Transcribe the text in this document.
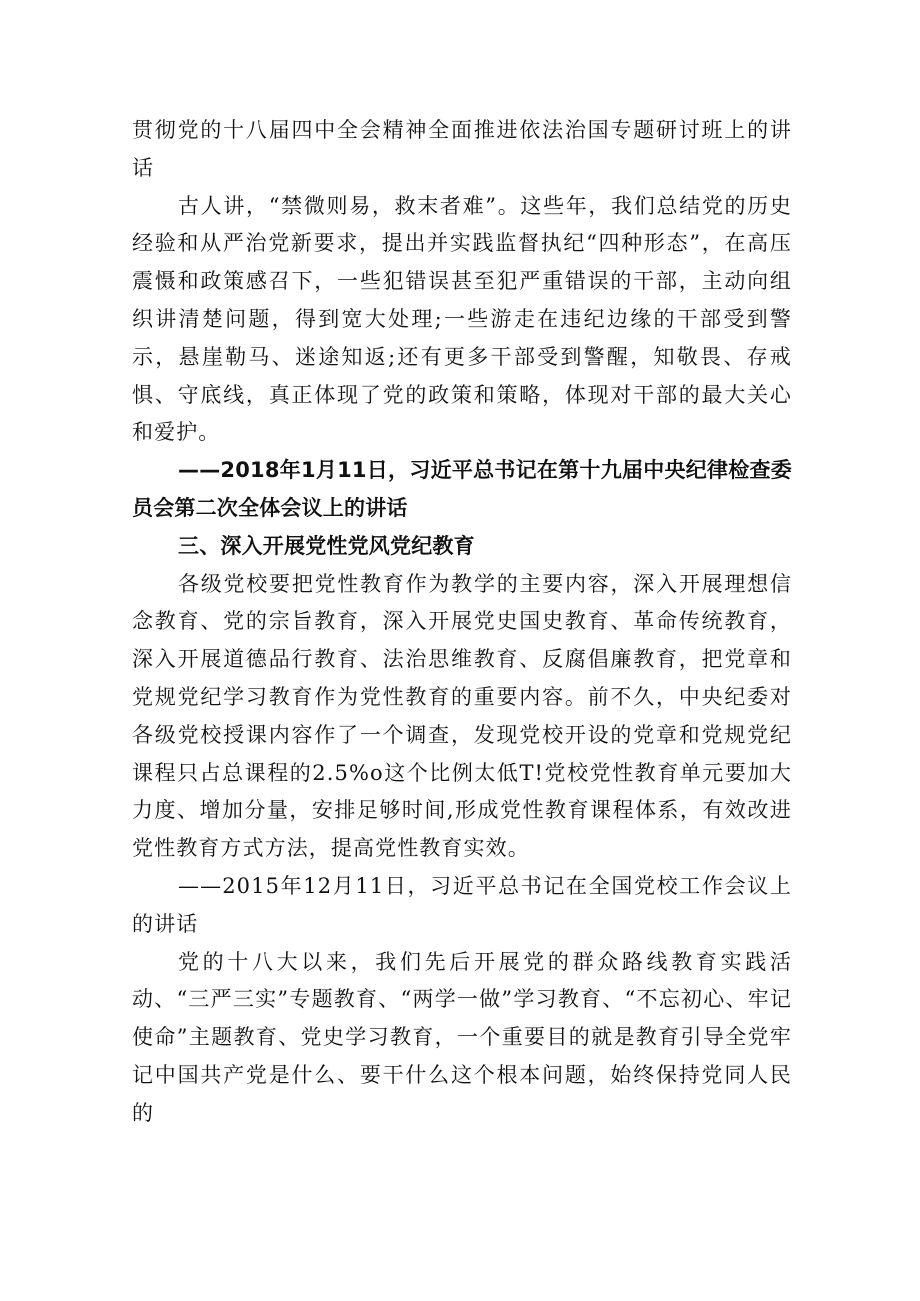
贯彻党的十八届四中全会精神全面推进依法治国专题研讨班上的讲话

古人讲，“禁微则易，救末者难”。这些年，我们总结党的历史经验和从严治党新要求，提出并实践监督执纪“四种形态”，在高压震慑和政策感召下，一些犯错误甚至犯严重错误的干部，主动向组织讲清楚问题，得到宽大处理;一些游走在违纪边缘的干部受到警示，悬崖勒马、迷途知返;还有更多干部受到警醒，知敬畏、存戒惧、守底线，真正体现了党的政策和策略，体现对干部的最大关心和爱护。

——2018年1月11日，习近平总书记在第十九届中央纪律检查委员会第二次全体会议上的讲话

三、深入开展党性党风党纪教育

各级党校要把党性教育作为教学的主要内容，深入开展理想信念教育、党的宗旨教育，深入开展党史国史教育、革命传统教育，深入开展道德品行教育、法治思维教育、反腐倡廉教育，把党章和党规党纪学习教育作为党性教育的重要内容。前不久，中央纪委对各级党校授课内容作了一个调查，发现党校开设的党章和党规党纪课程只占总课程的2.5%o这个比例太低T!党校党性教育单元要加大力度、增加分量，安排足够时间,形成党性教育课程体系，有效改进党性教育方式方法，提高党性教育实效。

——2015年12月11日，习近平总书记在全国党校工作会议上的讲话

党的十八大以来，我们先后开展党的群众路线教育实践活动、“三严三实”专题教育、“两学一做”学习教育、“不忘初心、牢记使命”主题教育、党史学习教育，一个重要目的就是教育引导全党牢记中国共产党是什么、要干什么这个根本问题，始终保持党同人民的
